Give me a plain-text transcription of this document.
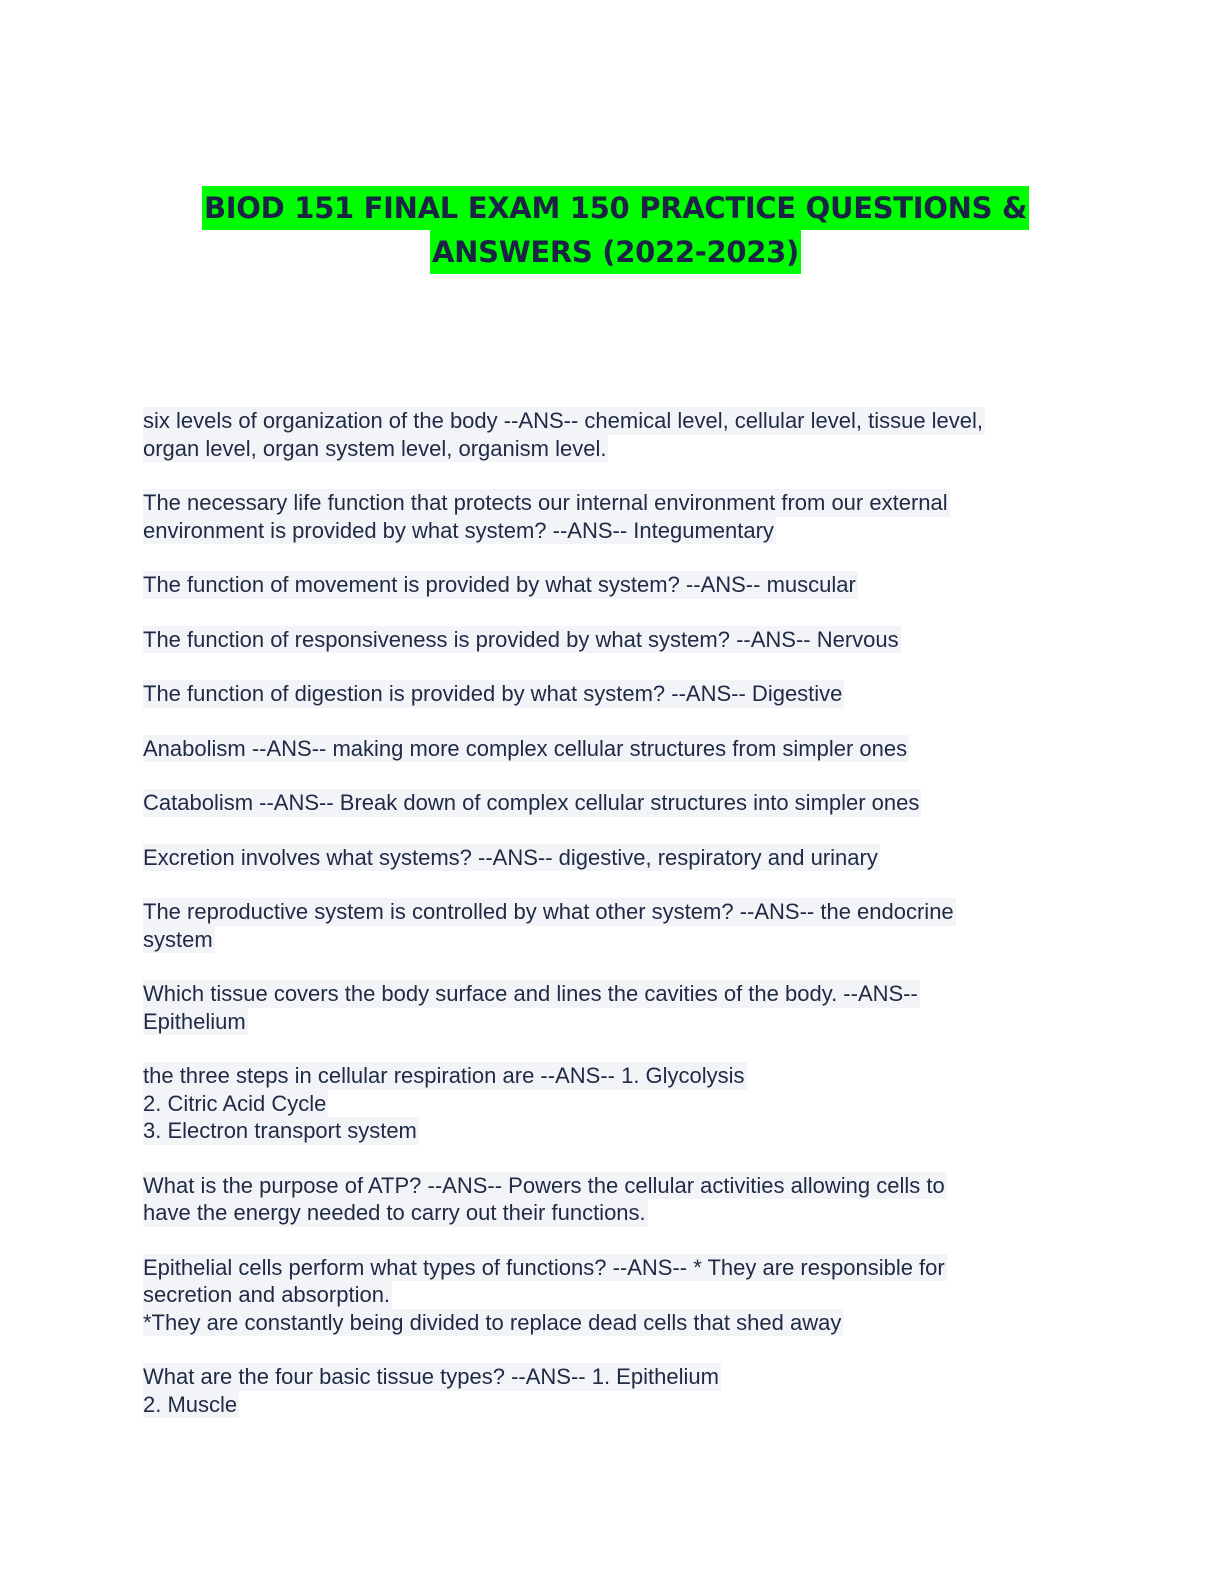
BIOD 151 FINAL EXAM 150 PRACTICE QUESTIONS &
ANSWERS (2022-2023)
six levels of organization of the body --ANS-- chemical level, cellular level, tissue level,
organ level, organ system level, organism level.
The necessary life function that protects our internal environment from our external
environment is provided by what system? --ANS-- Integumentary
The function of movement is provided by what system? --ANS-- muscular
The function of responsiveness is provided by what system? --ANS-- Nervous
The function of digestion is provided by what system? --ANS-- Digestive
Anabolism --ANS-- making more complex cellular structures from simpler ones
Catabolism --ANS-- Break down of complex cellular structures into simpler ones
Excretion involves what systems? --ANS-- digestive, respiratory and urinary
The reproductive system is controlled by what other system? --ANS-- the endocrine
system
Which tissue covers the body surface and lines the cavities of the body. --ANS--
Epithelium
the three steps in cellular respiration are --ANS-- 1. Glycolysis
2. Citric Acid Cycle
3. Electron transport system
What is the purpose of ATP? --ANS-- Powers the cellular activities allowing cells to
have the energy needed to carry out their functions.
Epithelial cells perform what types of functions? --ANS-- * They are responsible for
secretion and absorption.
*They are constantly being divided to replace dead cells that shed away
What are the four basic tissue types? --ANS-- 1. Epithelium
2. Muscle
